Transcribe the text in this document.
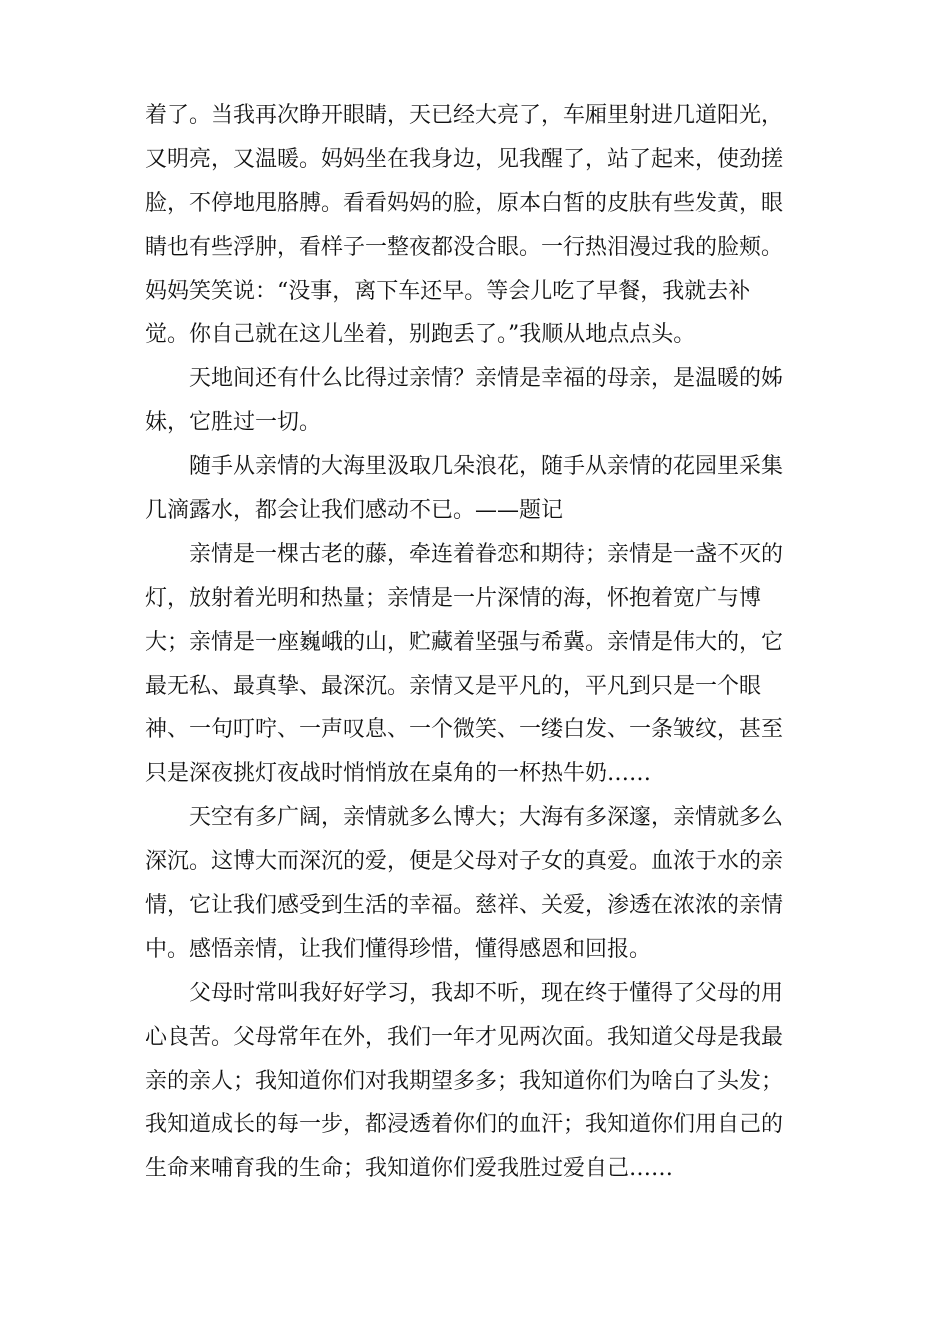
着了。当我再次睁开眼睛，天已经大亮了，车厢里射进几道阳光，
又明亮，又温暖。妈妈坐在我身边，见我醒了，站了起来，使劲搓
脸，不停地甩胳膊。看看妈妈的脸，原本白皙的皮肤有些发黄，眼
睛也有些浮肿，看样子一整夜都没合眼。一行热泪漫过我的脸颊。
妈妈笑笑说：“没事，离下车还早。等会儿吃了早餐，我就去补
觉。你自己就在这儿坐着，别跑丢了。”我顺从地点点头。
天地间还有什么比得过亲情？亲情是幸福的母亲，是温暖的姊
妹，它胜过一切。
随手从亲情的大海里汲取几朵浪花，随手从亲情的花园里采集
几滴露水，都会让我们感动不已。——题记
亲情是一棵古老的藤，牵连着眷恋和期待；亲情是一盏不灭的
灯，放射着光明和热量；亲情是一片深情的海，怀抱着宽广与博
大；亲情是一座巍峨的山，贮藏着坚强与希冀。亲情是伟大的，它
最无私、最真挚、最深沉。亲情又是平凡的，平凡到只是一个眼
神、一句叮咛、一声叹息、一个微笑、一缕白发、一条皱纹，甚至
只是深夜挑灯夜战时悄悄放在桌角的一杯热牛奶……
天空有多广阔，亲情就多么博大；大海有多深邃，亲情就多么
深沉。这博大而深沉的爱，便是父母对子女的真爱。血浓于水的亲
情，它让我们感受到生活的幸福。慈祥、关爱，渗透在浓浓的亲情
中。感悟亲情，让我们懂得珍惜，懂得感恩和回报。
父母时常叫我好好学习，我却不听，现在终于懂得了父母的用
心良苦。父母常年在外，我们一年才见两次面。我知道父母是我最
亲的亲人；我知道你们对我期望多多；我知道你们为啥白了头发；
我知道成长的每一步，都浸透着你们的血汗；我知道你们用自己的
生命来哺育我的生命；我知道你们爱我胜过爱自己……
